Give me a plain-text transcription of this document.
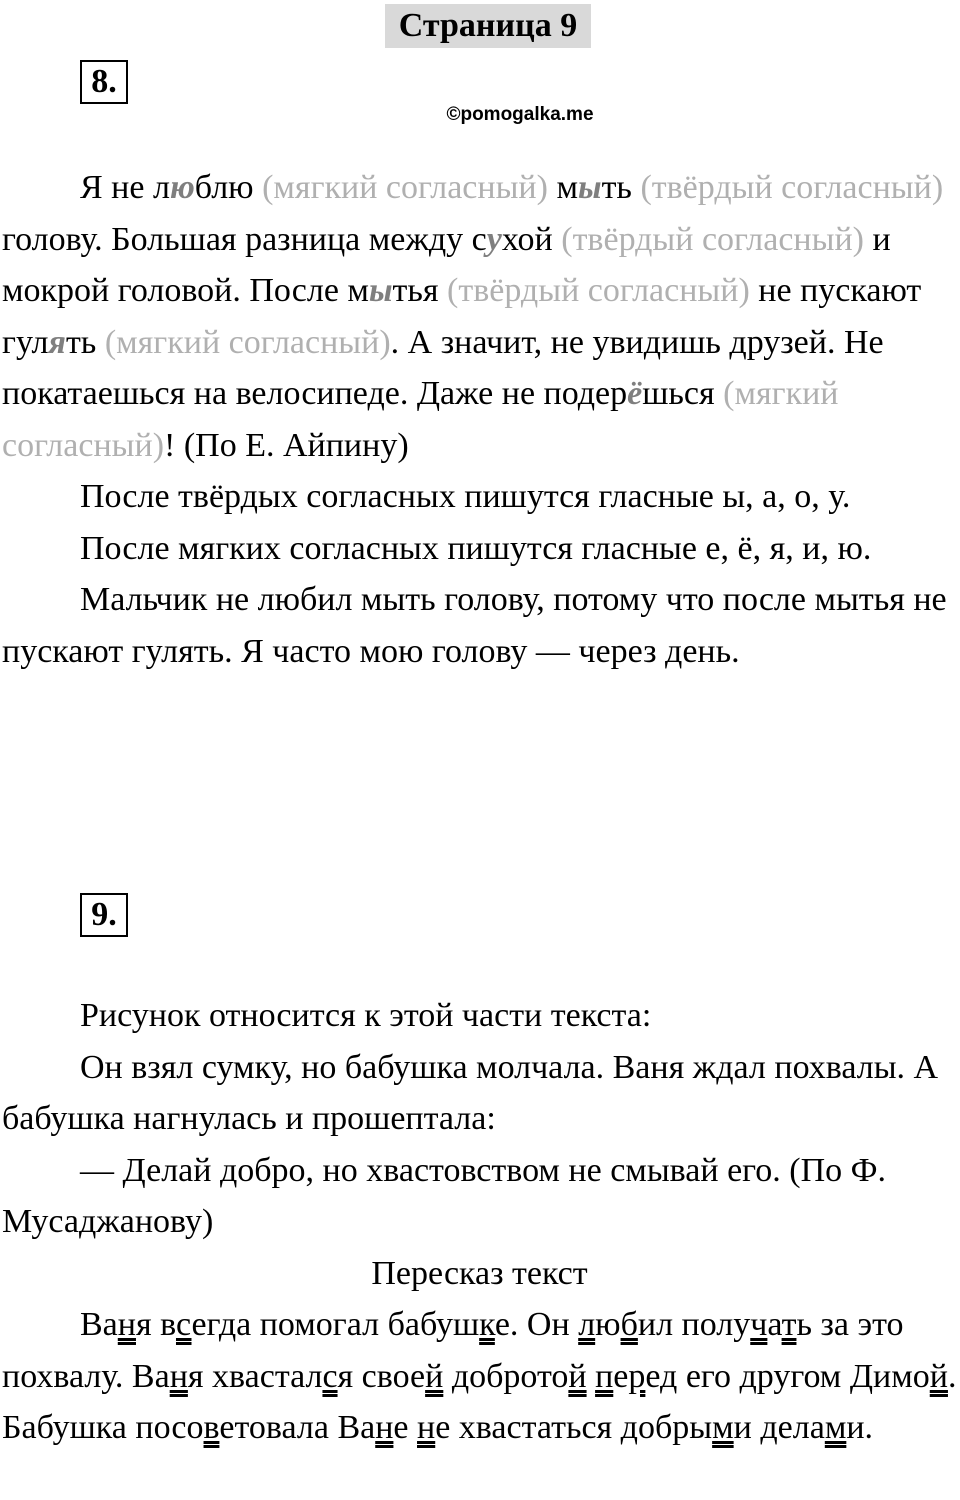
Страница 9
8.
©pomogalka.me

Я не люблю (мягкий согласный) мыть (твёрдый согласный) голову. Большая разница между сухой (твёрдый согласный) и мокрой головой. После мытья (твёрдый согласный) не пускают гулять (мягкий согласный). А значит, не увидишь друзей. Не покатаешься на велосипеде. Даже не подерёшься (мягкий согласный)! (По Е. Айпину)

После твёрдых согласных пишутся гласные ы, а, о, у.

После мягких согласных пишутся гласные е, ё, я, и, ю.

Мальчик не любил мыть голову, потому что после мытья не пускают гулять. Я часто мою голову — через день.

9.

Рисунок относится к этой части текста:

Он взял сумку, но бабушка молчала. Ваня ждал похвалы. А бабушка нагнулась и прошептала:

— Делай добро, но хвастовством не смывай его. (По Ф. Мусаджанову)

Пересказ текст

Ваня всегда помогал бабушке. Он любил получать за это похвалу. Ваня хвастался своей добротой перед его другом Димой. Бабушка посоветовала Ване не хвастаться добрыми делами.
